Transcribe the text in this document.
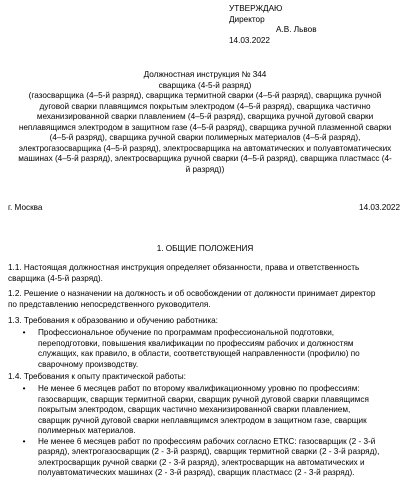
УТВЕРЖДАЮ
Директор
А.В. Львов
14.03.2022
Должностная инструкция № 344
сварщика (4-5-й разряд)
(газосварщика (4–5-й разряд), сварщика термитной сварки (4–5-й разряд), сварщика ручной
дуговой сварки плавящимся покрытым электродом (4–5-й разряд), сварщика частично
механизированной сварки плавлением (4–5-й разряд), сварщика ручной дуговой сварки
неплавящимся электродом в защитном газе (4–5-й разряд), сварщика ручной плазменной сварки
(4–5-й разряд), сварщика ручной сварки полимерных материалов (4–5-й разряд),
электрогазосварщика (4–5-й разряд), электросварщика на автоматических и полуавтоматических
машинах (4–5-й разряд), электросварщика ручной сварки (4–5-й разряд), сварщика пластмасс (4-
й разряд))
г. Москва	14.03.2022
1. ОБЩИЕ ПОЛОЖЕНИЯ
1.1. Настоящая должностная инструкция определяет обязанности, права и ответственность
сварщика (4-5-й разряд).
1.2. Решение о назначении на должность и об освобождении от должности принимает директор
по представлению непосредственного руководителя.
1.3. Требования к образованию и обучению работника:
•	Профессиональное обучение по программам профессиональной подготовки,
переподготовки, повышения квалификации по профессиям рабочих и должностям
служащих, как правило, в области, соответствующей направленности (профилю) по
сварочному производству.
1.4. Требования к опыту практической работы:
•	Не менее 6 месяцев работ по второму квалификационному уровню по профессиям:
газосварщик, сварщик термитной сварки, сварщик ручной дуговой сварки плавящимся
покрытым электродом, сварщик частично механизированной сварки плавлением,
сварщик ручной дуговой сварки неплавящимся электродом в защитном газе, сварщик
полимерных материалов.
•	Не менее 6 месяцев работ по профессиям рабочих согласно ЕТКС: газосварщик (2 - 3-й
разряд), электрогазосварщик (2 - 3-й разряд), сварщик термитной сварки (2 - 3-й разряд),
электросварщик ручной сварки (2 - 3-й разряд), электросварщик на автоматических и
полуавтоматических машинах (2 - 3-й разряд), сварщик пластмасс (2 - 3-й разряд).
